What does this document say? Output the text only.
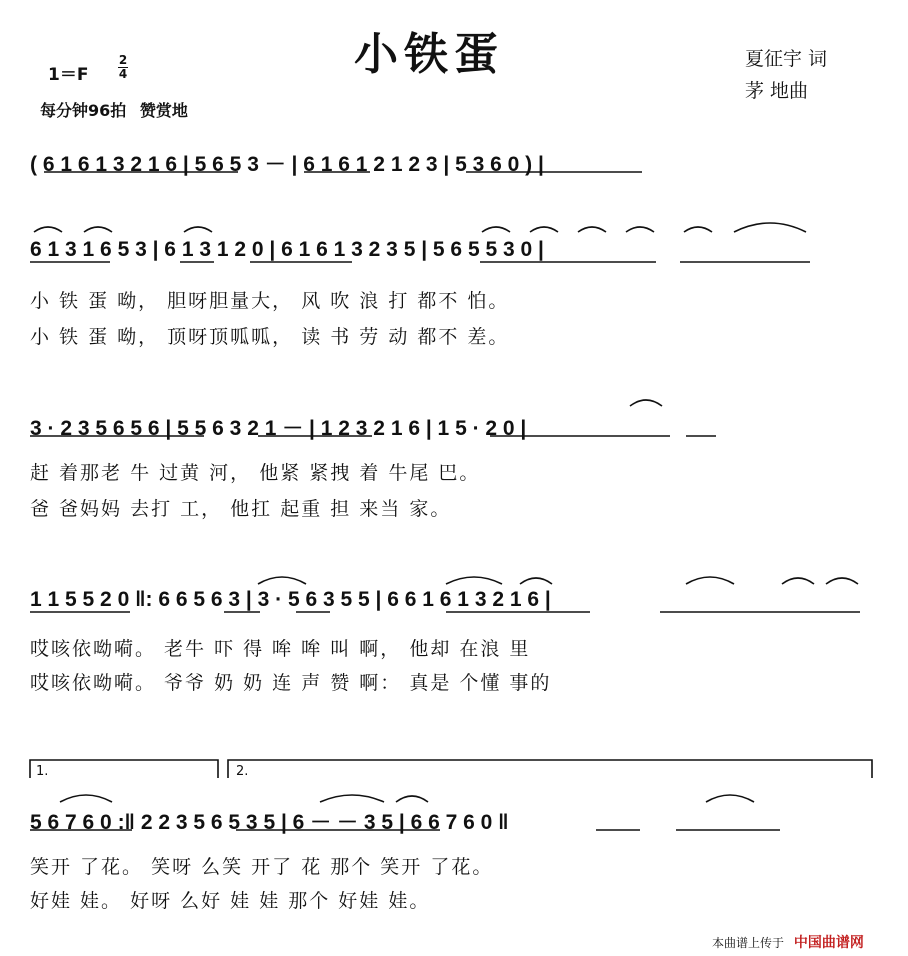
小铁蛋
1＝F
2
4
每分钟96拍 赞赏地
夏征宇 词
茅 地曲
( 6 1 6 1 3 2 1 6 | 5 6 5 3 － | 6 1 6 1 2 1 2 3 | 5 3 6 0 ) |
6 1 3 1 6 5 3 | 6 1 3 1 2 0 | 6 1 6 1 3 2 3 5 | 5 6 5 5 3 0 |
小 铁 蛋 呦， 胆呀胆量大， 风 吹 浪 打 都不 怕。
小 铁 蛋 呦， 顶呀顶呱呱， 读 书 劳 动 都不 差。
3 · 2 3 5 6 5 6 | 5 5 6 3 2 1 － | 1 2 3 2 1 6 | 1 5 · 2 0 |
赶 着那老 牛 过黄 河， 他紧 紧拽 着 牛尾 巴。
爸 爸妈妈 去打 工， 他扛 起重 担 来当 家。
1 1 5 5 2 0 ‖: 6 6 5 6 3 | 3 · 5 6 3 5 5 | 6 6 1 6 1 3 2 1 6 |
哎咳依呦嗬。 老牛 吓 得 哞 哞 叫 啊， 他却 在浪 里
哎咳依呦嗬。 爷爷 奶 奶 连 声 赞 啊： 真是 个懂 事的
1.	2.
5 6 7 6 0 :‖ 2 2 3 5 6 5 3 5 | 6 － － 3 5 | 6 6 7 6 0 ‖
笑开 了花。 笑呀 么笑 开了 花 那个 笑开 了花。
好娃 娃。 好呀 么好 娃 娃 那个 好娃 娃。
本曲谱上传于 中国曲谱网
